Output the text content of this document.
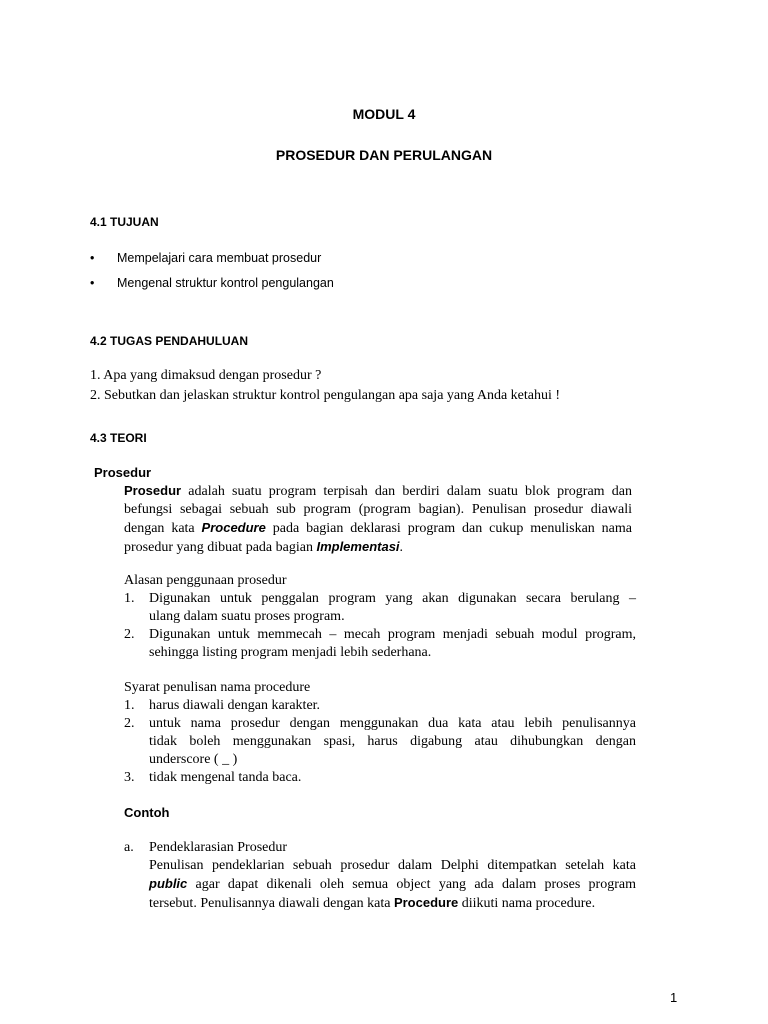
MODUL 4
PROSEDUR DAN PERULANGAN
4.1 TUJUAN
• Mempelajari cara membuat prosedur
• Mengenal struktur kontrol pengulangan
4.2 TUGAS PENDAHULUAN
1. Apa yang dimaksud dengan prosedur ?
2. Sebutkan dan jelaskan struktur kontrol pengulangan apa saja yang Anda ketahui !
4.3 TEORI
Prosedur
Prosedur adalah suatu program terpisah dan berdiri dalam suatu blok program dan
befungsi sebagai sebuah sub program (program bagian). Penulisan prosedur diawali
dengan kata Procedure pada bagian deklarasi program dan cukup menuliskan nama
prosedur yang dibuat pada bagian Implementasi.
Alasan penggunaan prosedur
1.	Digunakan untuk penggalan program yang akan digunakan secara berulang –
ulang dalam suatu proses program.
2.	Digunakan untuk memmecah – mecah program menjadi sebuah modul program,
sehingga listing program menjadi lebih sederhana.
Syarat penulisan nama procedure
1.	harus diawali dengan karakter.
2.	untuk nama prosedur dengan menggunakan dua kata atau lebih penulisannya
tidak boleh menggunakan spasi, harus digabung atau dihubungkan dengan
underscore ( _ )
3.	tidak mengenal tanda baca.
Contoh
a.	Pendeklarasian Prosedur
Penulisan pendeklarian sebuah prosedur dalam Delphi ditempatkan setelah kata
public agar dapat dikenali oleh semua object yang ada dalam proses program
tersebut. Penulisannya diawali dengan kata Procedure diikuti nama procedure.
1
